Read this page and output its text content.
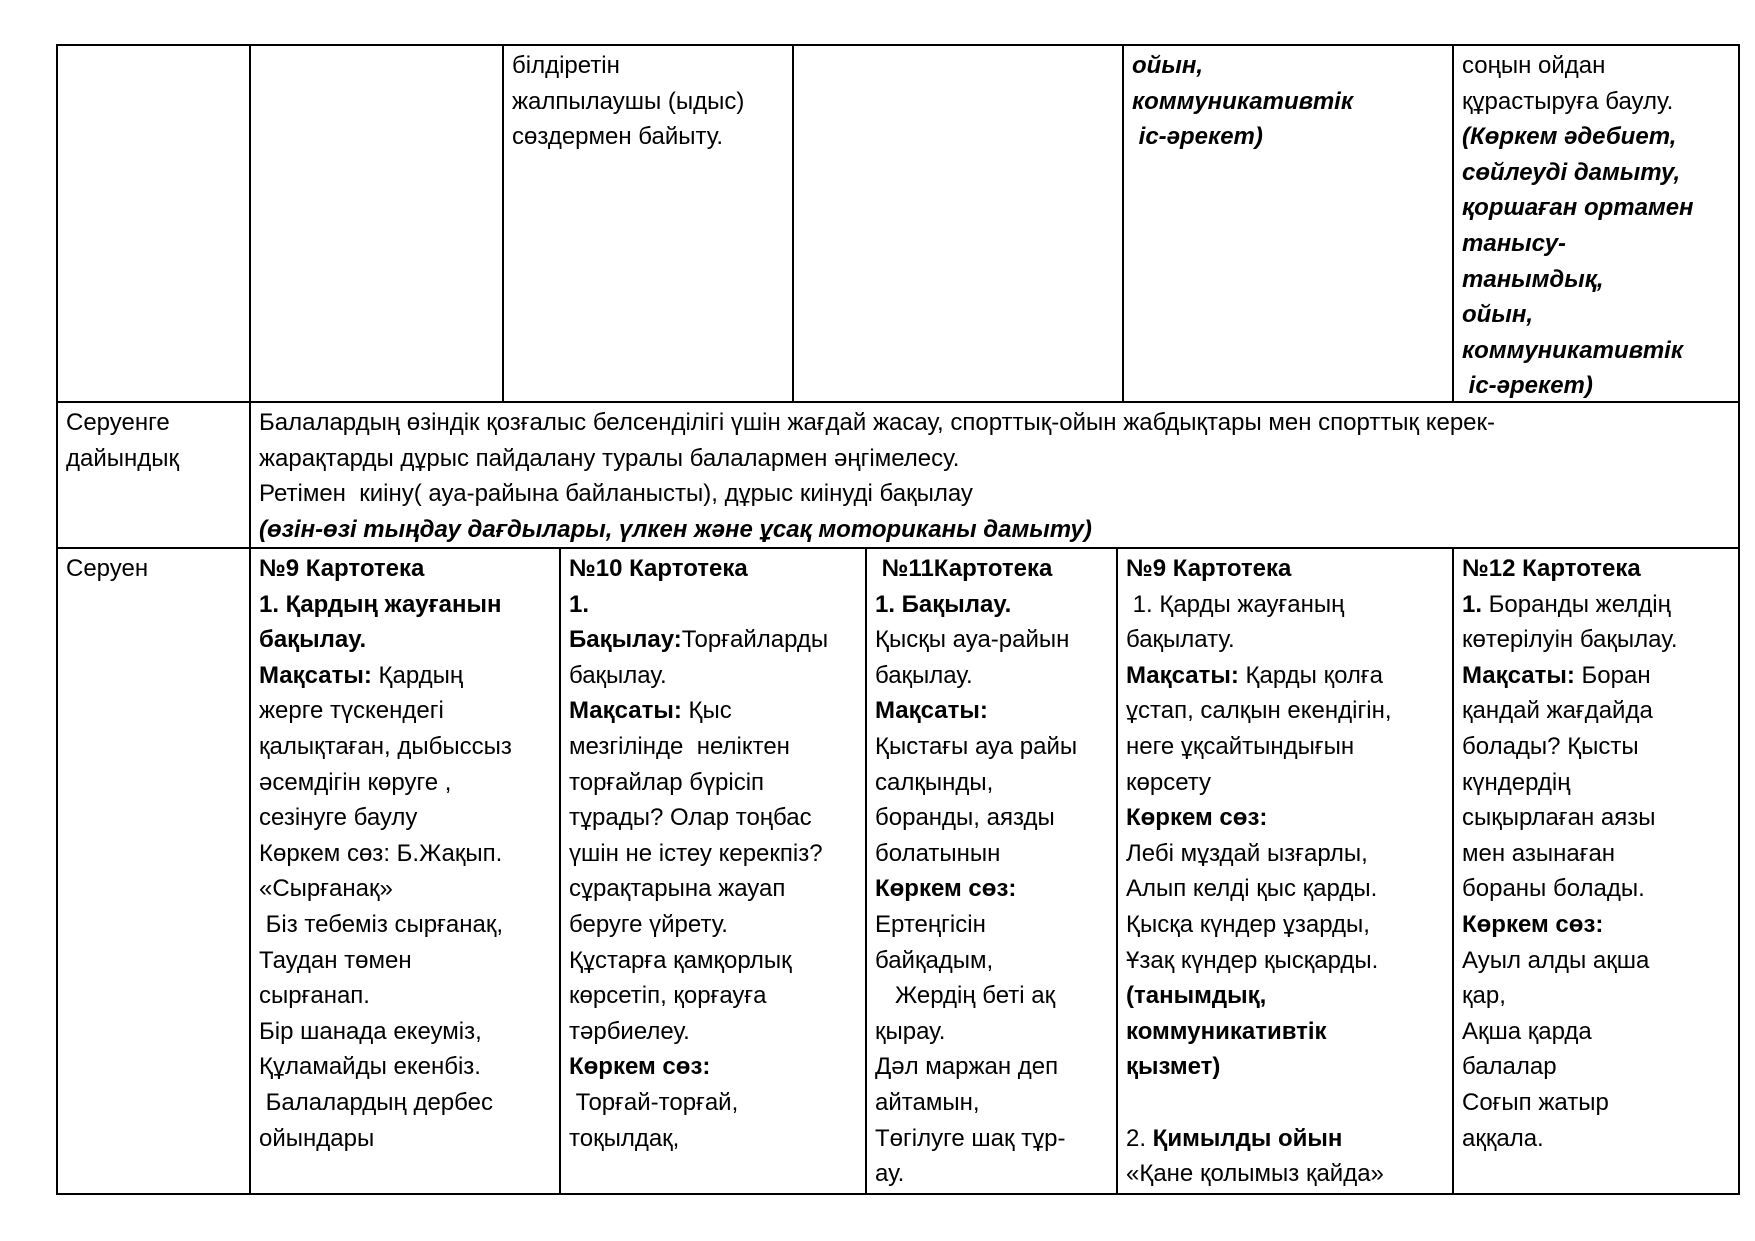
білдіретін
жалпылаушы (ыдыс)
сөздермен байыту.
ойын,
коммуникативтік
іс-әрекет)
соңын ойдан
құрастыруға баулу.
(Көркем әдебиет,
сөйлеуді дамыту,
қоршаған ортамен
танысу-
танымдық,
ойын,
коммуникативтік
іс-әрекет)
Серуенге
дайындық
Балалардың өзіндік қозғалыс белсенділігі үшін жағдай жасау, спорттық-ойын жабдықтары мен спорттық керек-
жарақтарды дұрыс пайдалану туралы балалармен әңгімелесу.
Ретімен  киіну( ауа-райына байланысты), дұрыс киінуді бақылау
(өзін-өзі тыңдау дағдылары, үлкен және ұсақ моториканы дамыту)
Серуен	№9 Картотека
1. Қардың жауғанын
бақылау.
Мақсаты: Қардың
жерге түскендегі
қалықтаған, дыбыссыз
әсемдігін көруге ,
сезінуге баулу
Көркем сөз: Б.Жақып.
«Сырғанақ»
Біз тебеміз сырғанақ,
Таудан төмен
сырғанап.
Бір шанада екеуміз,
Құламайды екенбіз.
Балалардың дербес
ойындары
№10 Картотека
1.
Бақылау:Торғайларды
бақылау.
Мақсаты: Қыс
мезгілінде  неліктен
торғайлар бүрісіп
тұрады? Олар тоңбас
үшін не істеу керекпіз?
сұрақтарына жауап
беруге үйрету.
Құстарға қамқорлық
көрсетіп, қорғауға
тәрбиелеу.
Көркем сөз:
Торғай-торғай,
тоқылдақ,
№11Картотека
1. Бақылау.
Қысқы ауа-райын
бақылау.
Мақсаты:
Қыстағы ауа райы
салқынды,
боранды, аязды
болатынын
Көркем сөз:
Ертеңгісін
байқадым,
Жердің беті ақ
қырау.
Дәл маржан деп
айтамын,
Төгілуге шақ тұр-
ау.
№9 Картотека
1. Қарды жауғаның
бақылату.
Мақсаты: Қарды қолға
ұстап, салқын екендігін,
неге ұқсайтындығын
көрсету
Көркем сөз:
Лебі мұздай ызғарлы,
Алып келді қыс қарды.
Қысқа күндер ұзарды,
Ұзақ күндер қысқарды.
(танымдық,
коммуникативтік
қызмет)
2. Қимылды ойын
«Қане қолымыз қайда»
№12 Картотека
1. Боранды желдің
көтерілуін бақылау.
Мақсаты: Боран
қандай жағдайда
болады? Қысты
күндердің
сықырлаған аязы
мен азынаған
бораны болады.
Көркем сөз:
Ауыл алды ақша
қар,
Ақша қарда
балалар
Соғып жатыр
аққала.
